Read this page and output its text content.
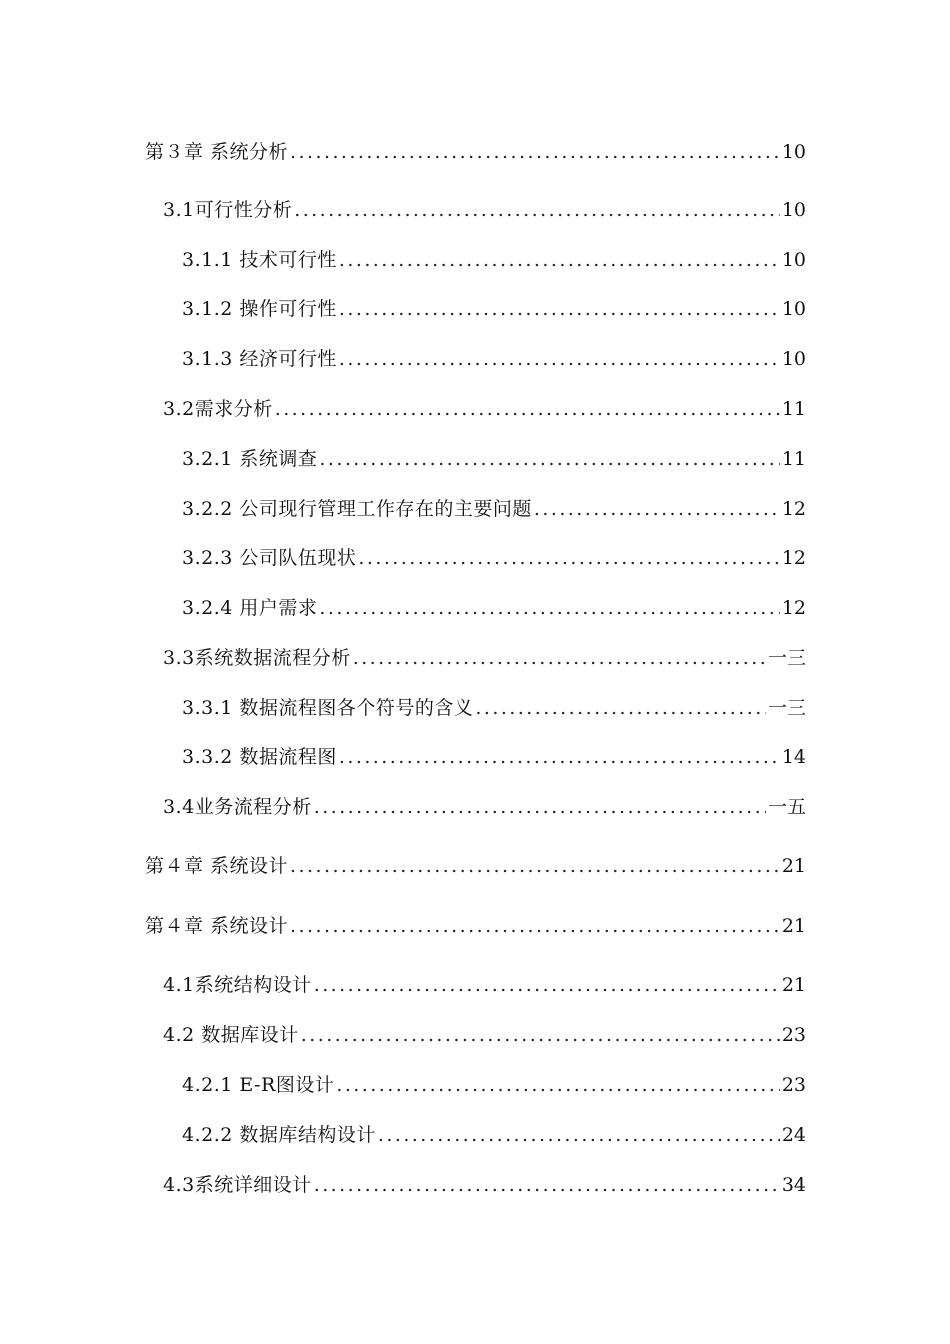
第３章 系统分析 . . .	10
3.1可行性分析 . . .	10
3.1.1 技术可行性 . . .	10
3.1.2 操作可行性 . . .	10
3.1.3 经济可行性 . . .	10
3.2需求分析 . . .	11
3.2.1 系统调查 . . .	11
3.2.2 公司现行管理工作存在的主要问题 . . .	12
3.2.3 公司队伍现状 . . .	12
3.2.4 用户需求 . . .	12
3.3系统数据流程分析 . . .	一三
3.3.1 数据流程图各个符号的含义 . . .	一三
3.3.2 数据流程图 . . .	14
3.4业务流程分析 . . .	一五
第４章 系统设计 . . .	21
第４章 系统设计 . . .	21
4.1系统结构设计 . . .	21
4.2 数据库设计 . . .	23
4.2.1 E-R图设计 . . .	23
4.2.2 数据库结构设计 . . .	24
4.3系统详细设计 . . .	34
